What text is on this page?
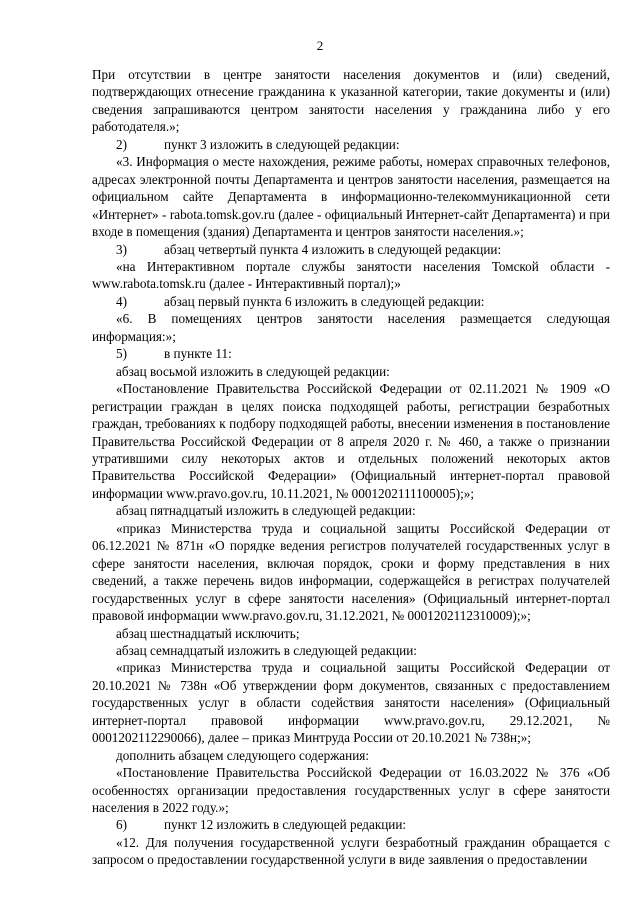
2

При отсутствии в центре занятости населения документов и (или) сведений, подтверждающих отнесение гражданина к указанной категории, такие документы и (или) сведения запрашиваются центром занятости населения у гражданина либо у его работодателя.»;

2)	пункт 3 изложить в следующей редакции:

«3. Информация о месте нахождения, режиме работы, номерах справочных телефонов, адресах электронной почты Департамента и центров занятости населения, размещается на официальном сайте Департамента в информационно-телекоммуникационной сети «Интернет» - rabota.tomsk.gov.ru (далее - официальный Интернет-сайт Департамента) и при входе в помещения (здания) Департамента и центров занятости населения.»;

3)	абзац четвертый пункта 4 изложить в следующей редакции:

«на Интерактивном портале службы занятости населения Томской области - www.rabota.tomsk.ru (далее - Интерактивный портал);»

4)	абзац первый пункта 6 изложить в следующей редакции:

«6. В помещениях центров занятости населения размещается следующая информация:»;

5)	в пункте 11:

абзац восьмой изложить в следующей редакции:

«Постановление Правительства Российской Федерации от 02.11.2021 № 1909 «О регистрации граждан в целях поиска подходящей работы, регистрации безработных граждан, требованиях к подбору подходящей работы, внесении изменения в постановление Правительства Российской Федерации от 8 апреля 2020 г. № 460, а также о признании утратившими силу некоторых актов и отдельных положений некоторых актов Правительства Российской Федерации» (Официальный интернет-портал правовой информации www.pravo.gov.ru, 10.11.2021, № 0001202111100005);»;

абзац пятнадцатый изложить в следующей редакции:

«приказ Министерства труда и социальной защиты Российской Федерации от 06.12.2021 № 871н «О порядке ведения регистров получателей государственных услуг в сфере занятости населения, включая порядок, сроки и форму представления в них сведений, а также перечень видов информации, содержащейся в регистрах получателей государственных услуг в сфере занятости населения» (Официальный интернет-портал правовой информации www.pravo.gov.ru, 31.12.2021, № 0001202112310009);»;

абзац шестнадцатый исключить;

абзац семнадцатый изложить в следующей редакции:

«приказ Министерства труда и социальной защиты Российской Федерации от 20.10.2021 № 738н «Об утверждении форм документов, связанных с предоставлением государственных услуг в области содействия занятости населения» (Официальный интернет-портал правовой информации www.pravo.gov.ru, 29.12.2021, № 0001202112290066), далее – приказ Минтруда России от 20.10.2021 № 738н;»;

дополнить абзацем следующего содержания:

«Постановление Правительства Российской Федерации от 16.03.2022 № 376 «Об особенностях организации предоставления государственных услуг в сфере занятости населения в 2022 году.»;

6)	пункт 12 изложить в следующей редакции:

«12. Для получения государственной услуги безработный гражданин обращается с запросом о предоставлении государственной услуги в виде заявления о предоставлении
